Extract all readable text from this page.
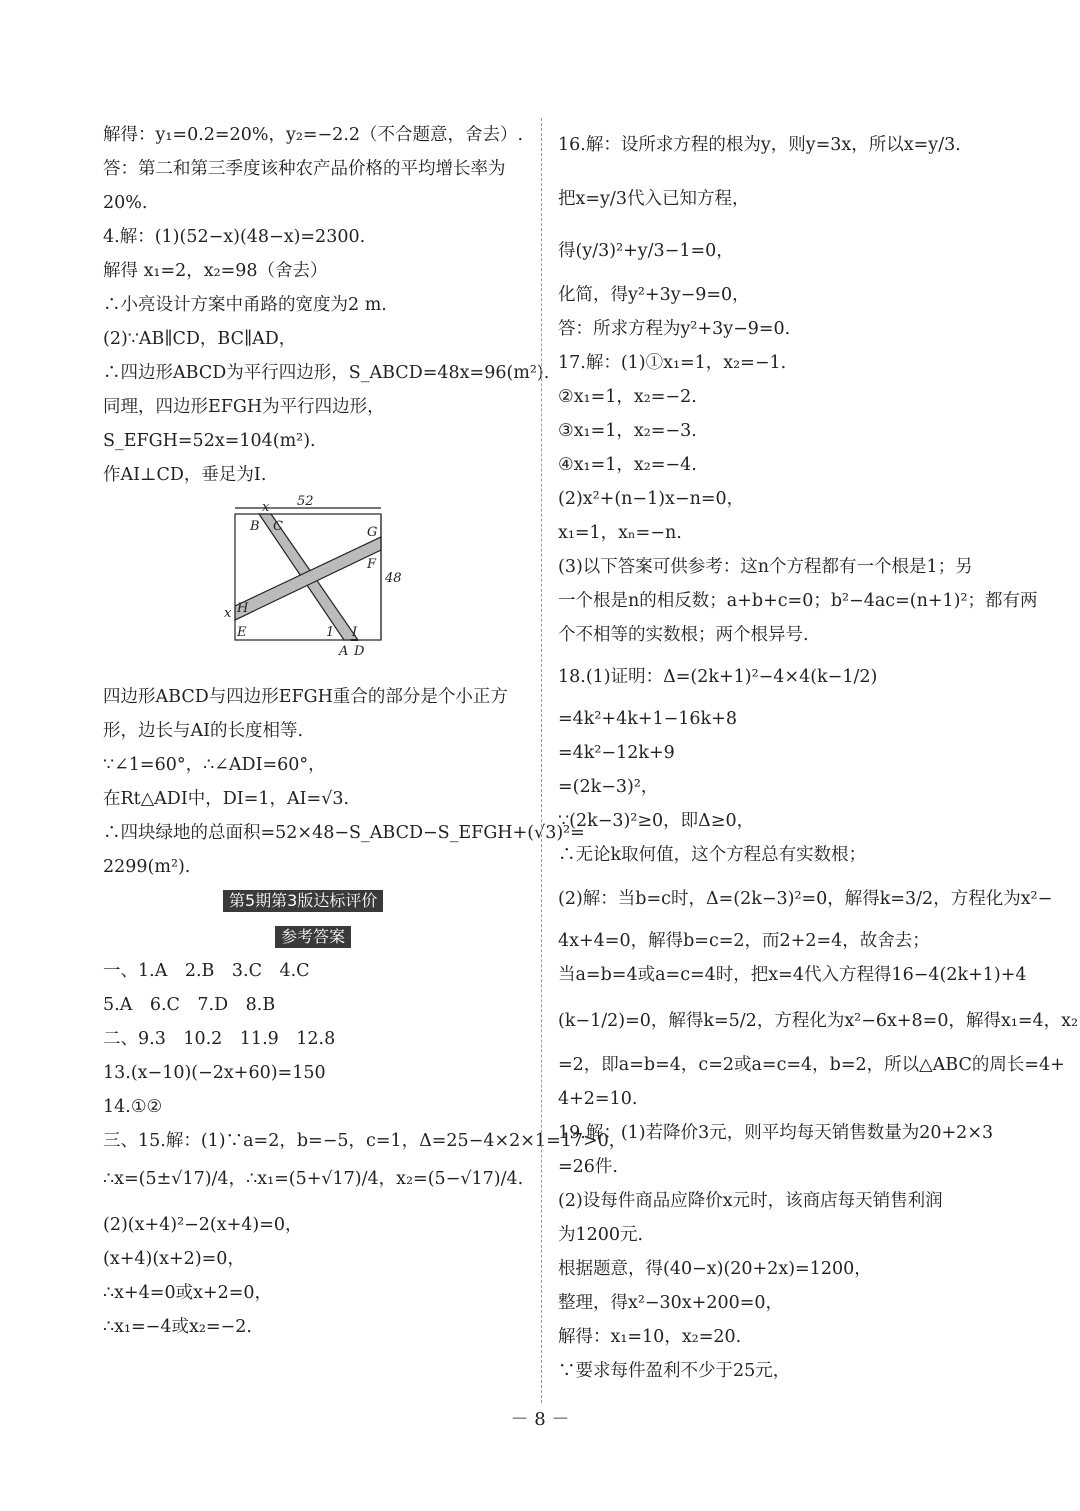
解得：y₁=0.2=20%，y₂=−2.2（不合题意，舍去）.
答：第二和第三季度该种农产品价格的平均增长率为
20%.
4.解：(1)(52−x)(48−x)=2300.
解得 x₁=2，x₂=98（舍去）
∴小亮设计方案中甬路的宽度为2 m.
(2)∵AB∥CD，BC∥AD，
∴四边形ABCD为平行四边形，S_ABCD=48x=96(m²).
同理，四边形EFGH为平行四边形，
S_EFGH=52x=104(m²).
作AI⊥CD，垂足为I.
四边形ABCD与四边形EFGH重合的部分是个小正方
形，边长与AI的长度相等.
∵∠1=60°，∴∠ADI=60°，
在Rt△ADI中，DI=1，AI=√3.
∴四块绿地的总面积=52×48−S_ABCD−S_EFGH+(√3)²=
2299(m²).
第5期第3版达标评价
参考答案
一、1.A　2.B　3.C　4.C
5.A　6.C　7.D　8.B
二、9.3　10.2　11.9　12.8
13.(x−10)(−2x+60)=150
14.①②
三、15.解：(1)∵a=2，b=−5，c=1，Δ=25−4×2×1=17>0，
∴x=(5±√17)/4，∴x₁=(5+√17)/4，x₂=(5−√17)/4.
(2)(x+4)²−2(x+4)=0，
(x+4)(x+2)=0，
∴x+4=0或x+2=0，
∴x₁=−4或x₂=−2.
52
48
x
x
B C	G
F
H
E	1 I
A D
16.解：设所求方程的根为y，则y=3x，所以x=y/3.
把x=y/3代入已知方程，
得(y/3)²+y/3−1=0，
化简，得y²+3y−9=0，
答：所求方程为y²+3y−9=0.
17.解：(1)①x₁=1，x₂=−1.
②x₁=1，x₂=−2.
③x₁=1，x₂=−3.
④x₁=1，x₂=−4.
(2)x²+(n−1)x−n=0，
x₁=1，xₙ=−n.
(3)以下答案可供参考：这n个方程都有一个根是1；另
一个根是n的相反数；a+b+c=0；b²−4ac=(n+1)²；都有两
个不相等的实数根；两个根异号.
18.(1)证明：Δ=(2k+1)²−4×4(k−1/2)
=4k²+4k+1−16k+8
=4k²−12k+9
=(2k−3)²，
∵(2k−3)²≥0，即Δ≥0，
∴无论k取何值，这个方程总有实数根；
(2)解：当b=c时，Δ=(2k−3)²=0，解得k=3/2，方程化为x²−
4x+4=0，解得b=c=2，而2+2=4，故舍去；
当a=b=4或a=c=4时，把x=4代入方程得16−4(2k+1)+4
(k−1/2)=0，解得k=5/2，方程化为x²−6x+8=0，解得x₁=4，x₂
=2，即a=b=4，c=2或a=c=4，b=2，所以△ABC的周长=4+
4+2=10.
19.解：(1)若降价3元，则平均每天销售数量为20+2×3
=26件.
(2)设每件商品应降价x元时，该商店每天销售利润
为1200元.
根据题意，得(40−x)(20+2x)=1200，
整理，得x²−30x+200=0，
解得：x₁=10，x₂=20.
∵要求每件盈利不少于25元，
－ 8 －
